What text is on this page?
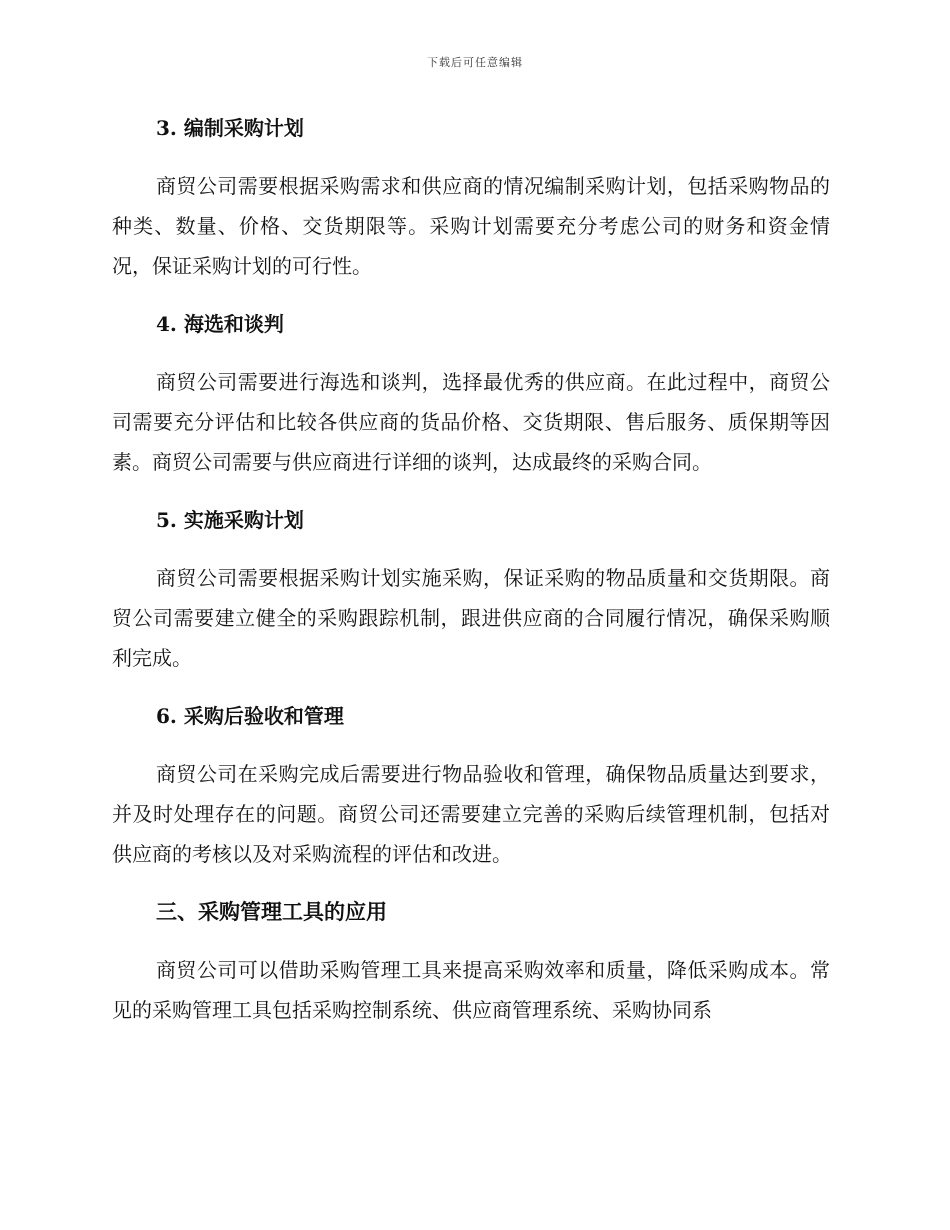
下载后可任意编辑
3. 编制采购计划

商贸公司需要根据采购需求和供应商的情况编制采购计划，包括采购物品的种类、数量、价格、交货期限等。采购计划需要充分考虑公司的财务和资金情况，保证采购计划的可行性。

4. 海选和谈判

商贸公司需要进行海选和谈判，选择最优秀的供应商。在此过程中，商贸公司需要充分评估和比较各供应商的货品价格、交货期限、售后服务、质保期等因素。商贸公司需要与供应商进行详细的谈判，达成最终的采购合同。

5. 实施采购计划

商贸公司需要根据采购计划实施采购，保证采购的物品质量和交货期限。商贸公司需要建立健全的采购跟踪机制，跟进供应商的合同履行情况，确保采购顺利完成。

6. 采购后验收和管理

商贸公司在采购完成后需要进行物品验收和管理，确保物品质量达到要求，并及时处理存在的问题。商贸公司还需要建立完善的采购后续管理机制，包括对供应商的考核以及对采购流程的评估和改进。

三、采购管理工具的应用

商贸公司可以借助采购管理工具来提高采购效率和质量，降低采购成本。常见的采购管理工具包括采购控制系统、供应商管理系统、采购协同系
